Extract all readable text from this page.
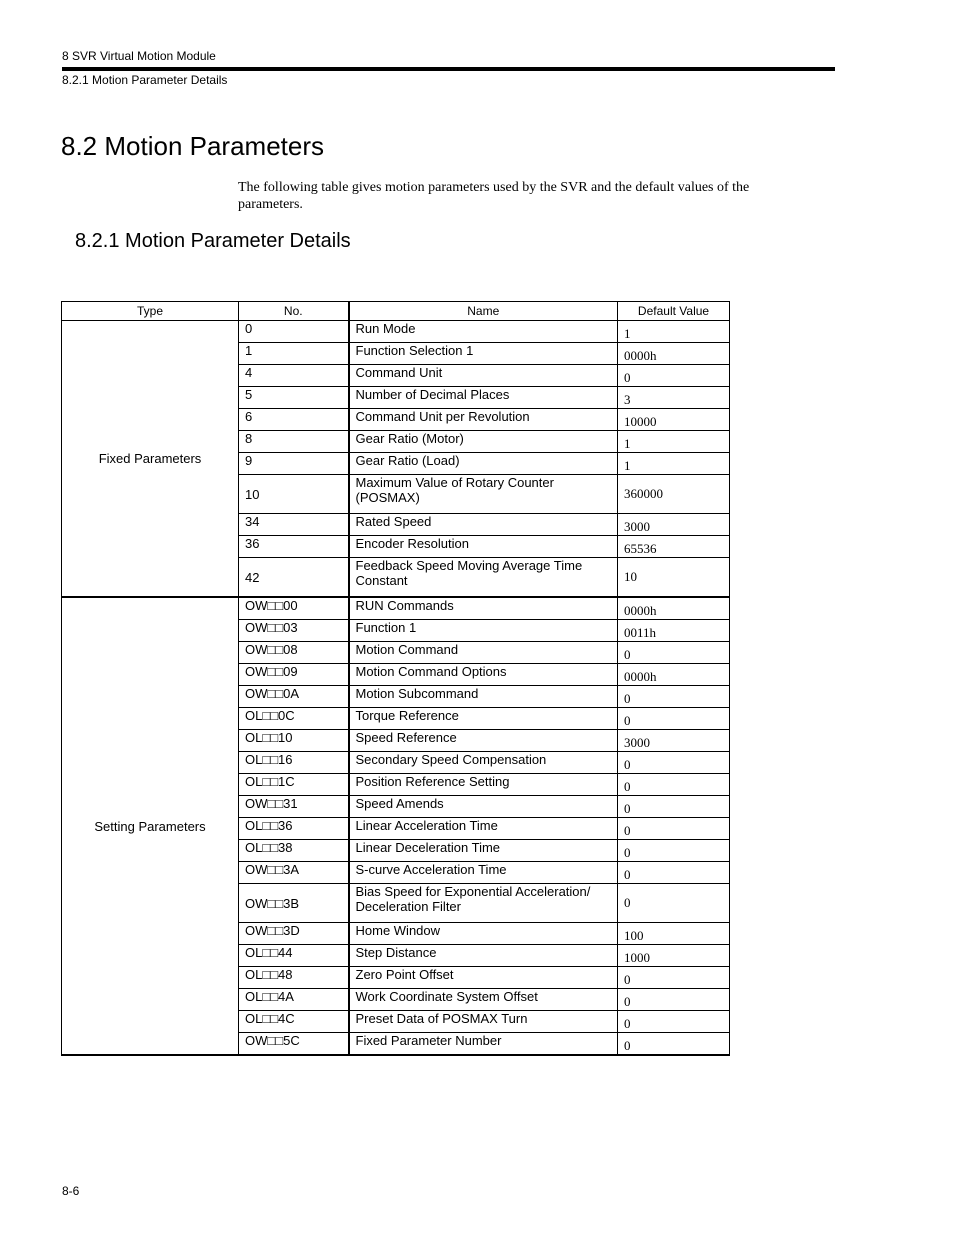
8 SVR Virtual Motion Module
8.2.1 Motion Parameter Details
8.2 Motion Parameters

The following table gives motion parameters used by the SVR and the default values of the parameters.

8.2.1 Motion Parameter Details
Type	No.	Name	Default Value
Fixed Parameters	0	Run Mode	1
	1	Function Selection 1	0000h
	4	Command Unit	0
	5	Number of Decimal Places	3
	6	Command Unit per Revolution	10000
	8	Gear Ratio (Motor)	1
	9	Gear Ratio (Load)	1
	10	Maximum Value of Rotary Counter (POSMAX)	360000
	34	Rated Speed	3000
	36	Encoder Resolution	65536
	42	Feedback Speed Moving Average Time Constant	10
Setting Parameters	OW□□00	RUN Commands	0000h
	OW□□03	Function 1	0011h
	OW□□08	Motion Command	0
	OW□□09	Motion Command Options	0000h
	OW□□0A	Motion Subcommand	0
	OL□□0C	Torque Reference	0
	OL□□10	Speed Reference	3000
	OL□□16	Secondary Speed Compensation	0
	OL□□1C	Position Reference Setting	0
	OW□□31	Speed Amends	0
	OL□□36	Linear Acceleration Time	0
	OL□□38	Linear Deceleration Time	0
	OW□□3A	S-curve Acceleration Time	0
	OW□□3B	Bias Speed for Exponential Acceleration/ Deceleration Filter	0
	OW□□3D	Home Window	100
	OL□□44	Step Distance	1000
	OL□□48	Zero Point Offset	0
	OL□□4A	Work Coordinate System Offset	0
	OL□□4C	Preset Data of POSMAX Turn	0
	OW□□5C	Fixed Parameter Number	0
8-6
